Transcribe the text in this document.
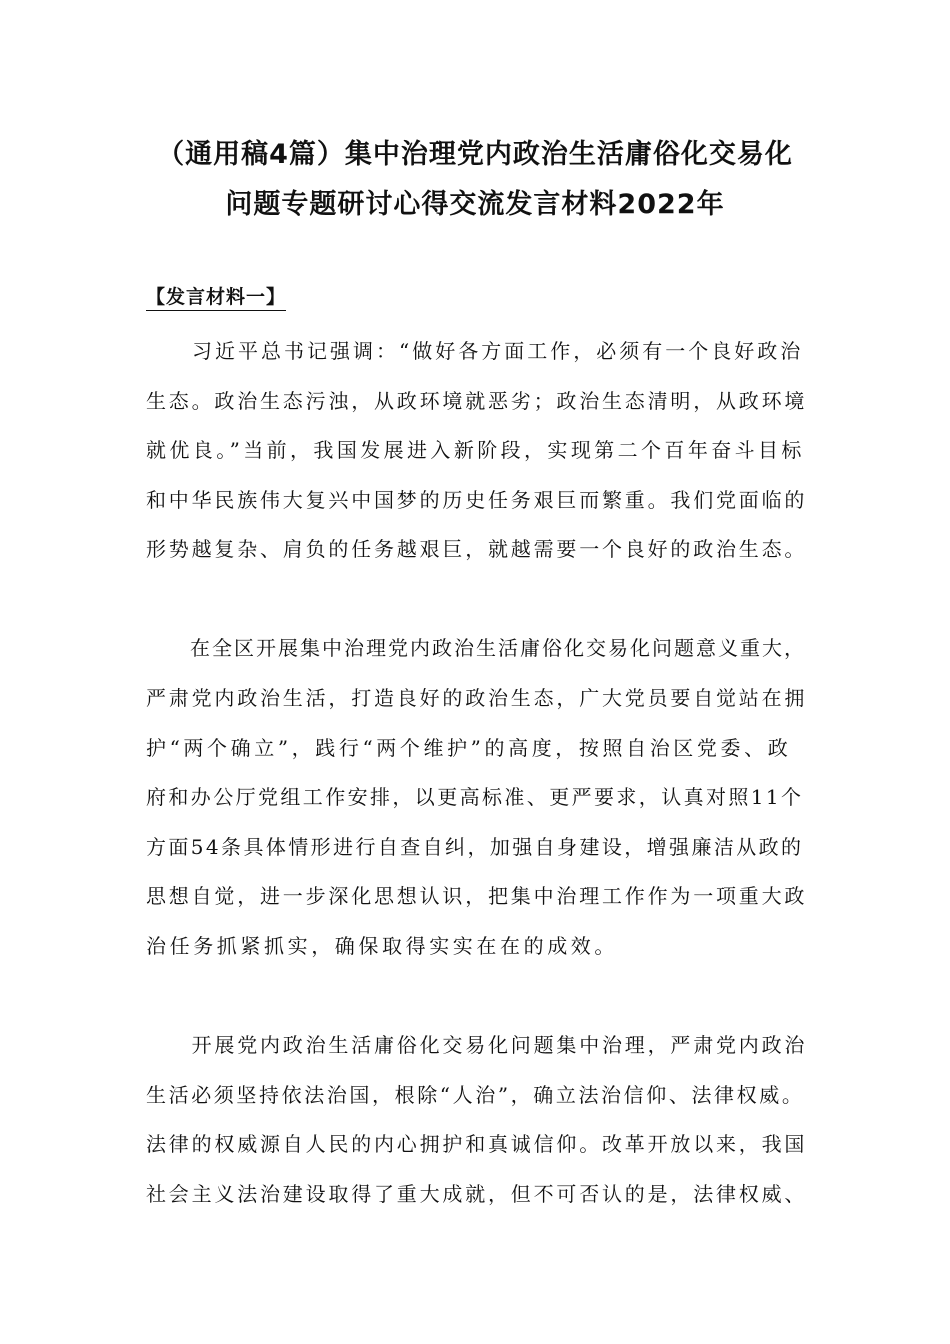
（通用稿4篇）集中治理党内政治生活庸俗化交易化
问题专题研讨心得交流发言材料2022年
【发言材料一】
　　习近平总书记强调：“做好各方面工作，必须有一个良好政治
生态。政治生态污浊，从政环境就恶劣；政治生态清明，从政环境
就优良。”当前，我国发展进入新阶段，实现第二个百年奋斗目标
和中华民族伟大复兴中国梦的历史任务艰巨而繁重。我们党面临的
形势越复杂、肩负的任务越艰巨，就越需要一个良好的政治生态。
　　在全区开展集中治理党内政治生活庸俗化交易化问题意义重大，
严肃党内政治生活，打造良好的政治生态，广大党员要自觉站在拥
护“两个确立”，践行“两个维护”的高度，按照自治区党委、政
府和办公厅党组工作安排，以更高标准、更严要求，认真对照11个
方面54条具体情形进行自查自纠，加强自身建设，增强廉洁从政的
思想自觉，进一步深化思想认识，把集中治理工作作为一项重大政
治任务抓紧抓实，确保取得实实在在的成效。
　　开展党内政治生活庸俗化交易化问题集中治理，严肃党内政治
生活必须坚持依法治国，根除“人治”，确立法治信仰、法律权威。
法律的权威源自人民的内心拥护和真诚信仰。改革开放以来，我国
社会主义法治建设取得了重大成就，但不可否认的是，法律权威、
